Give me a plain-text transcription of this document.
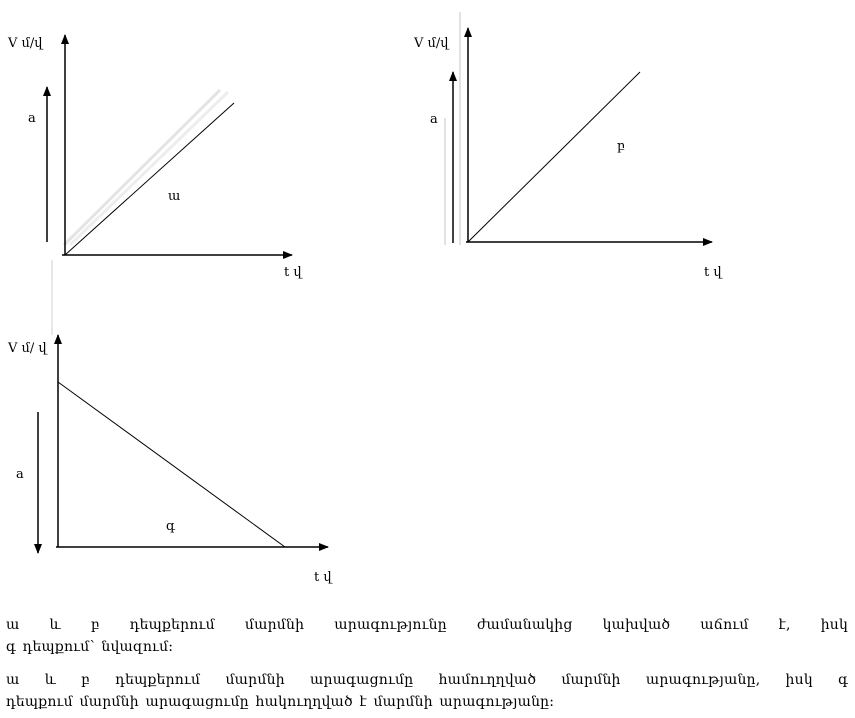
V մ/վ
t վ
a
ա
V մ/վ
t վ
a
բ
V մ/ վ
t վ
a
գ
ա և բ դեպքերում մարմնի արագությունը ժամանակից կախված աճում է, իսկ
գ դեպքում՝ նվազում:
ա և բ դեպքերում մարմնի արագացումը համուղղված մարմնի արագությանը, իսկ գ
դեպքում մարմնի արագացումը հակուղղված է մարմնի արագությանը:
